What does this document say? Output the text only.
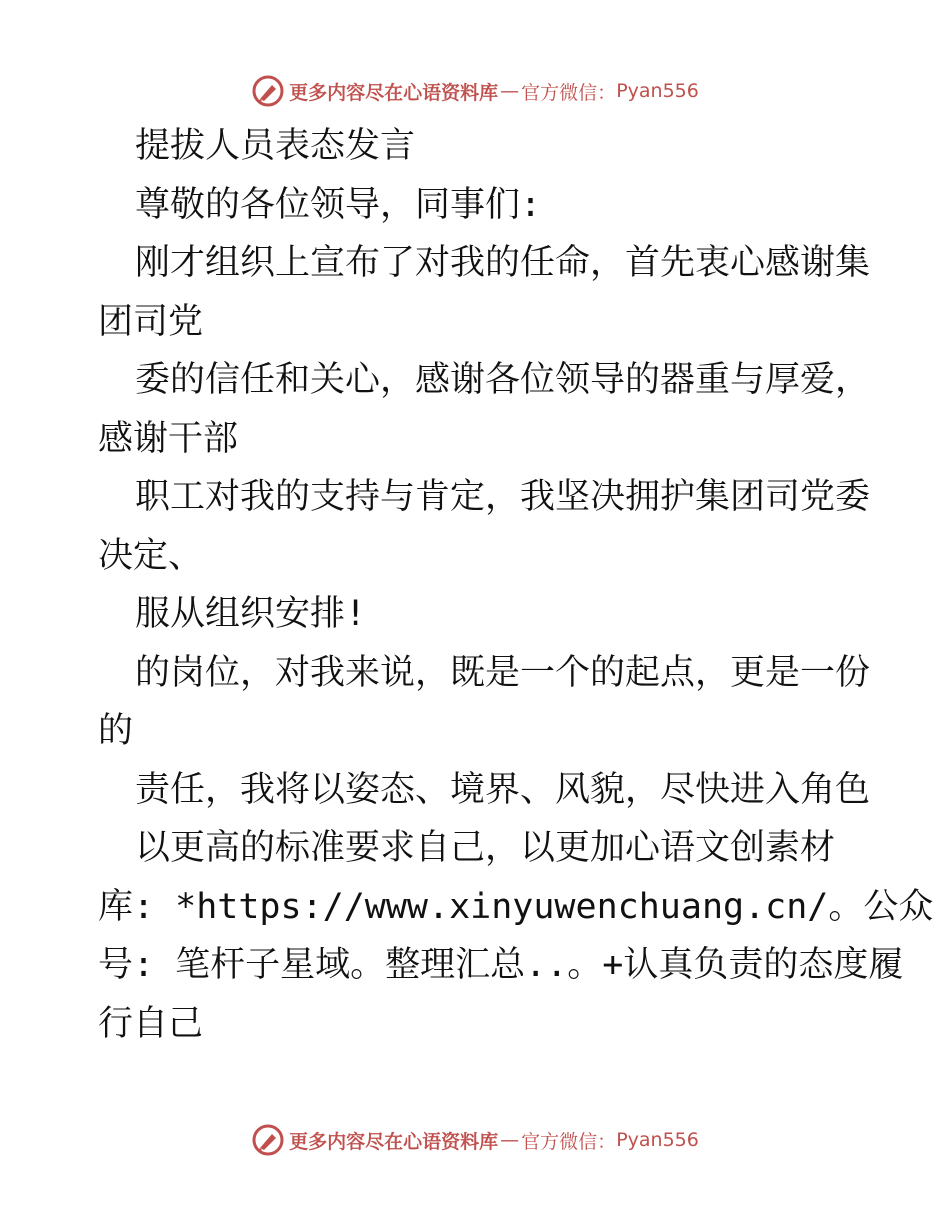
更多内容尽在心语资料库 — 官方微信： Pyan556
提拔人员表态发言
尊敬的各位领导，同事们:
刚才组织上宣布了对我的任命，首先衷心感谢集
团司党
委的信任和关心，感谢各位领导的器重与厚爱，
感谢干部
职工对我的支持与肯定，我坚决拥护集团司党委
决定、
服从组织安排!
的岗位，对我来说，既是一个的起点，更是一份
的
责任，我将以姿态、境界、风貌，尽快进入角色
以更高的标准要求自己，以更加心语文创素材
库: *https://www.xinyuwenchuang.cn/。公众
号: 笔杆子星域。整理汇总..。+认真负责的态度履
行自己
更多内容尽在心语资料库 — 官方微信： Pyan556
